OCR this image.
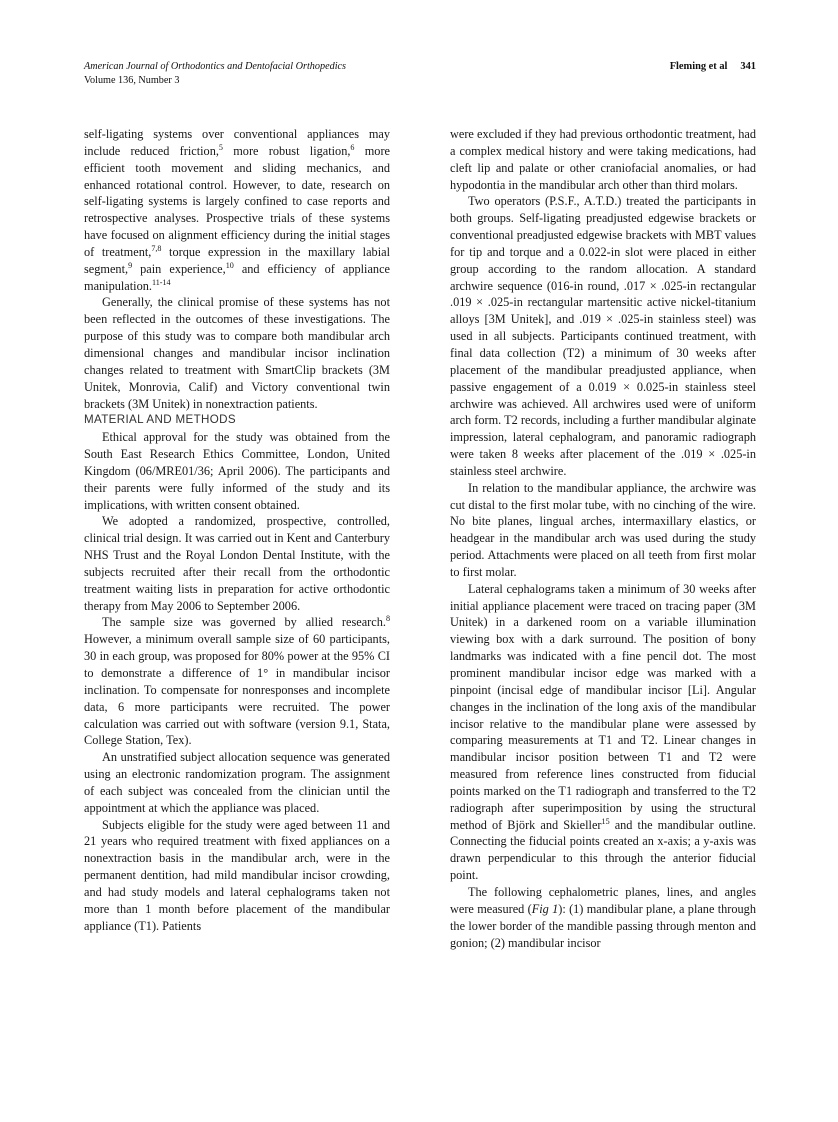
American Journal of Orthodontics and Dentofacial Orthopedics
Volume 136, Number 3
Fleming et al 341

self-ligating systems over conventional appliances may include reduced friction,$^5$ more robust ligation,$^6$ more efficient tooth movement and sliding mechanics, and enhanced rotational control. However, to date, research on self-ligating systems is largely confined to case reports and retrospective analyses. Prospective trials of these systems have focused on alignment efficiency during the initial stages of treatment,$^{7,8}$ torque expression in the maxillary labial segment,$^9$ pain experience,$^{10}$ and efficiency of appliance manipulation.$^{11-14}$

Generally, the clinical promise of these systems has not been reflected in the outcomes of these investigations. The purpose of this study was to compare both mandibular arch dimensional changes and mandibular incisor inclination changes related to treatment with SmartClip brackets (3M Unitek, Monrovia, Calif) and Victory conventional twin brackets (3M Unitek) in nonextraction patients.

MATERIAL AND METHODS

Ethical approval for the study was obtained from the South East Research Ethics Committee, London, United Kingdom (06/MRE01/36; April 2006). The participants and their parents were fully informed of the study and its implications, with written consent obtained.

We adopted a randomized, prospective, controlled, clinical trial design. It was carried out in Kent and Canterbury NHS Trust and the Royal London Dental Institute, with the subjects recruited after their recall from the orthodontic treatment waiting lists in preparation for active orthodontic therapy from May 2006 to September 2006.

The sample size was governed by allied research.$^8$ However, a minimum overall sample size of 60 participants, 30 in each group, was proposed for 80% power at the 95% CI to demonstrate a difference of 1° in mandibular incisor inclination. To compensate for nonresponses and incomplete data, 6 more participants were recruited. The power calculation was carried out with software (version 9.1, Stata, College Station, Tex).

An unstratified subject allocation sequence was generated using an electronic randomization program. The assignment of each subject was concealed from the clinician until the appointment at which the appliance was placed.

Subjects eligible for the study were aged between 11 and 21 years who required treatment with fixed appliances on a nonextraction basis in the mandibular arch, were in the permanent dentition, had mild mandibular incisor crowding, and had study models and lateral cephalograms taken not more than 1 month before placement of the mandibular appliance (T1). Patients

were excluded if they had previous orthodontic treatment, had a complex medical history and were taking medications, had cleft lip and palate or other craniofacial anomalies, or had hypodontia in the mandibular arch other than third molars.

Two operators (P.S.F., A.T.D.) treated the participants in both groups. Self-ligating preadjusted edgewise brackets or conventional preadjusted edgewise brackets with MBT values for tip and torque and a 0.022-in slot were placed in either group according to the random allocation. A standard archwire sequence (016-in round, .017 × .025-in rectangular .019 × .025-in rectangular martensitic active nickel-titanium alloys [3M Unitek], and .019 × .025-in stainless steel) was used in all subjects. Participants continued treatment, with final data collection (T2) a minimum of 30 weeks after placement of the mandibular preadjusted appliance, when passive engagement of a 0.019 × 0.025-in stainless steel archwire was achieved. All archwires used were of uniform arch form. T2 records, including a further mandibular alginate impression, lateral cephalogram, and panoramic radiograph were taken 8 weeks after placement of the .019 × .025-in stainless steel archwire.

In relation to the mandibular appliance, the archwire was cut distal to the first molar tube, with no cinching of the wire. No bite planes, lingual arches, intermaxillary elastics, or headgear in the mandibular arch was used during the study period. Attachments were placed on all teeth from first molar to first molar.

Lateral cephalograms taken a minimum of 30 weeks after initial appliance placement were traced on tracing paper (3M Unitek) in a darkened room on a variable illumination viewing box with a dark surround. The position of bony landmarks was indicated with a fine pencil dot. The most prominent mandibular incisor edge was marked with a pinpoint (incisal edge of mandibular incisor [Li]. Angular changes in the inclination of the long axis of the mandibular incisor relative to the mandibular plane were assessed by comparing measurements at T1 and T2. Linear changes in mandibular incisor position between T1 and T2 were measured from reference lines constructed from fiducial points marked on the T1 radiograph and transferred to the T2 radiograph after superimposition by using the structural method of Björk and Skieller$^{15}$ and the mandibular outline. Connecting the fiducial points created an x-axis; a y-axis was drawn perpendicular to this through the anterior fiducial point.

The following cephalometric planes, lines, and angles were measured (Fig 1): (1) mandibular plane, a plane through the lower border of the mandible passing through menton and gonion; (2) mandibular incisor
